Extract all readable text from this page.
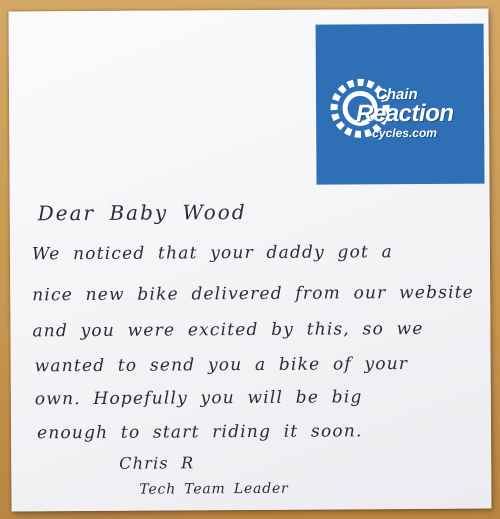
Chain
Reaction
cycles.com
Dear Baby Wood
We noticed that your daddy got a
nice new bike delivered from our website
and you were excited by this, so we
wanted to send you a bike of your
own. Hopefully you will be big
enough to start riding it soon.
Chris R
Tech Team Leader
